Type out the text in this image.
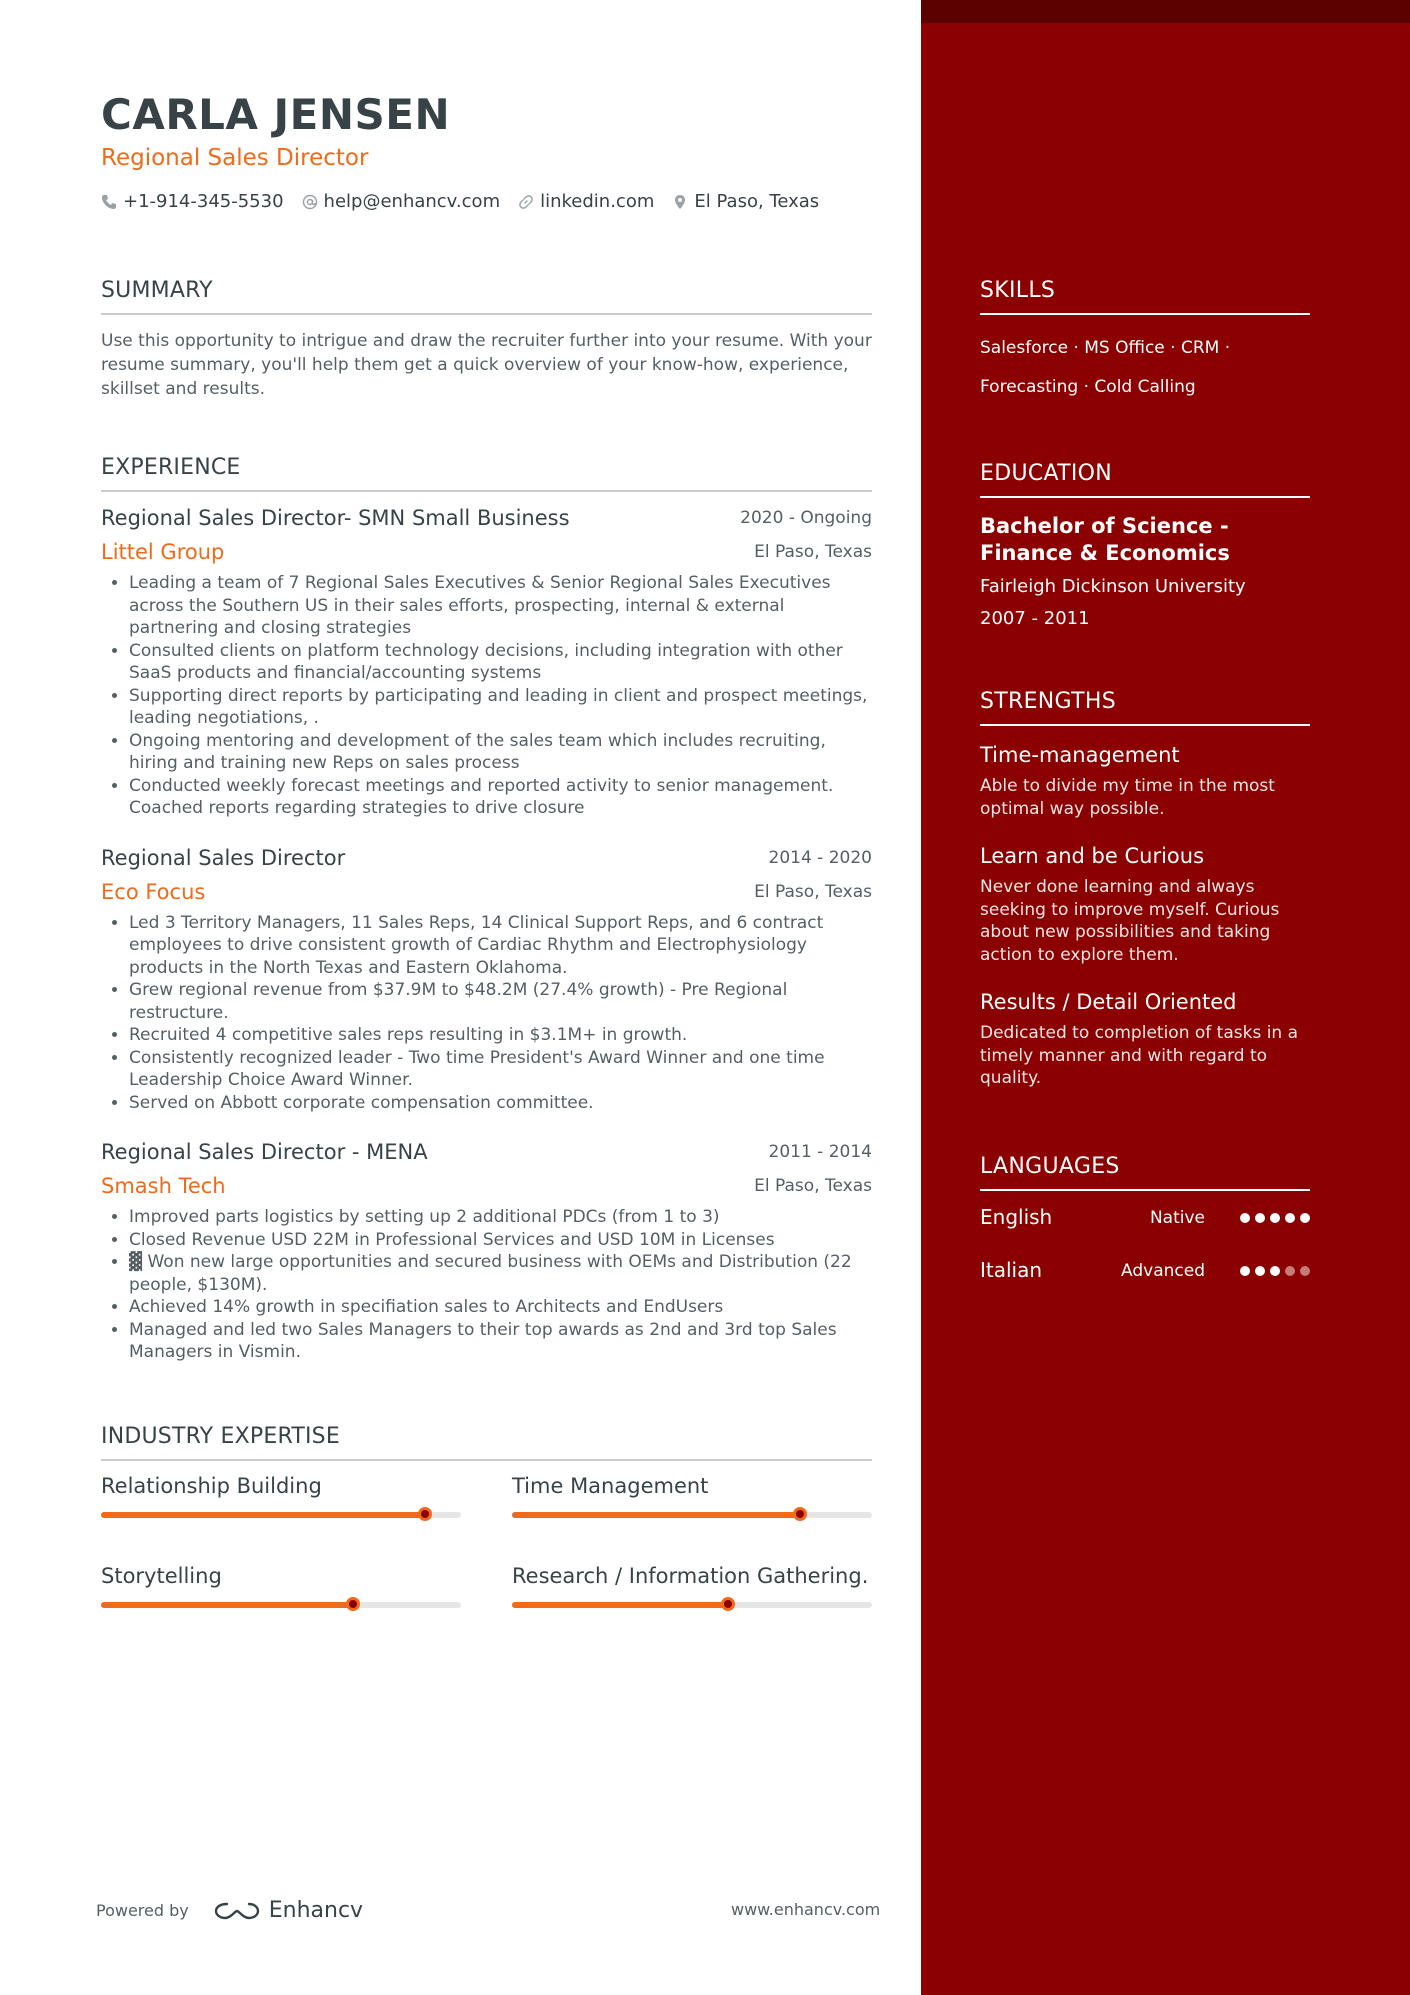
CARLA JENSEN
Regional Sales Director
+1-914-345-5530 help@enhancv.com linkedin.com El Paso, Texas
SUMMARY
Use this opportunity to intrigue and draw the recruiter further into your resume. With your resume summary, you'll help them get a quick overview of your know-how, experience, skillset and results.
EXPERIENCE
Regional Sales Director- SMN Small Business	2020 - Ongoing
Littel Group	El Paso, Texas
• Leading a team of 7 Regional Sales Executives & Senior Regional Sales Executives across the Southern US in their sales efforts, prospecting, internal & external partnering and closing strategies
• Consulted clients on platform technology decisions, including integration with other SaaS products and financial/accounting systems
• Supporting direct reports by participating and leading in client and prospect meetings, leading negotiations, .
• Ongoing mentoring and development of the sales team which includes recruiting, hiring and training new Reps on sales process
• Conducted weekly forecast meetings and reported activity to senior management. Coached reports regarding strategies to drive closure
Regional Sales Director	2014 - 2020
Eco Focus	El Paso, Texas
• Led 3 Territory Managers, 11 Sales Reps, 14 Clinical Support Reps, and 6 contract employees to drive consistent growth of Cardiac Rhythm and Electrophysiology products in the North Texas and Eastern Oklahoma.
• Grew regional revenue from $37.9M to $48.2M (27.4% growth) - Pre Regional restructure.
• Recruited 4 competitive sales reps resulting in $3.1M+ in growth.
• Consistently recognized leader - Two time President's Award Winner and one time Leadership Choice Award Winner.
• Served on Abbott corporate compensation committee.
Regional Sales Director - MENA	2011 - 2014
Smash Tech	El Paso, Texas
• Improved parts logistics by setting up 2 additional PDCs (from 1 to 3)
• Closed Revenue USD 22M in Professional Services and USD 10M in Licenses
• ▓ Won new large opportunities and secured business with OEMs and Distribution (22 people, $130M).
• Achieved 14% growth in specifiation sales to Architects and EndUsers
• Managed and led two Sales Managers to their top awards as 2nd and 3rd top Sales Managers in Vismin.
INDUSTRY EXPERTISE
Relationship Building	Time Management
Storytelling	Research / Information Gathering.
Powered by	Enhancv	www.enhancv.com
SKILLS
Salesforce · MS Office · CRM ·
Forecasting · Cold Calling
EDUCATION
Bachelor of Science - Finance & Economics
Fairleigh Dickinson University
2007 - 2011
STRENGTHS
Time-management
Able to divide my time in the most optimal way possible.
Learn and be Curious
Never done learning and always seeking to improve myself. Curious about new possibilities and taking action to explore them.
Results / Detail Oriented
Dedicated to completion of tasks in a timely manner and with regard to quality.
LANGUAGES
English	Native
Italian	Advanced
